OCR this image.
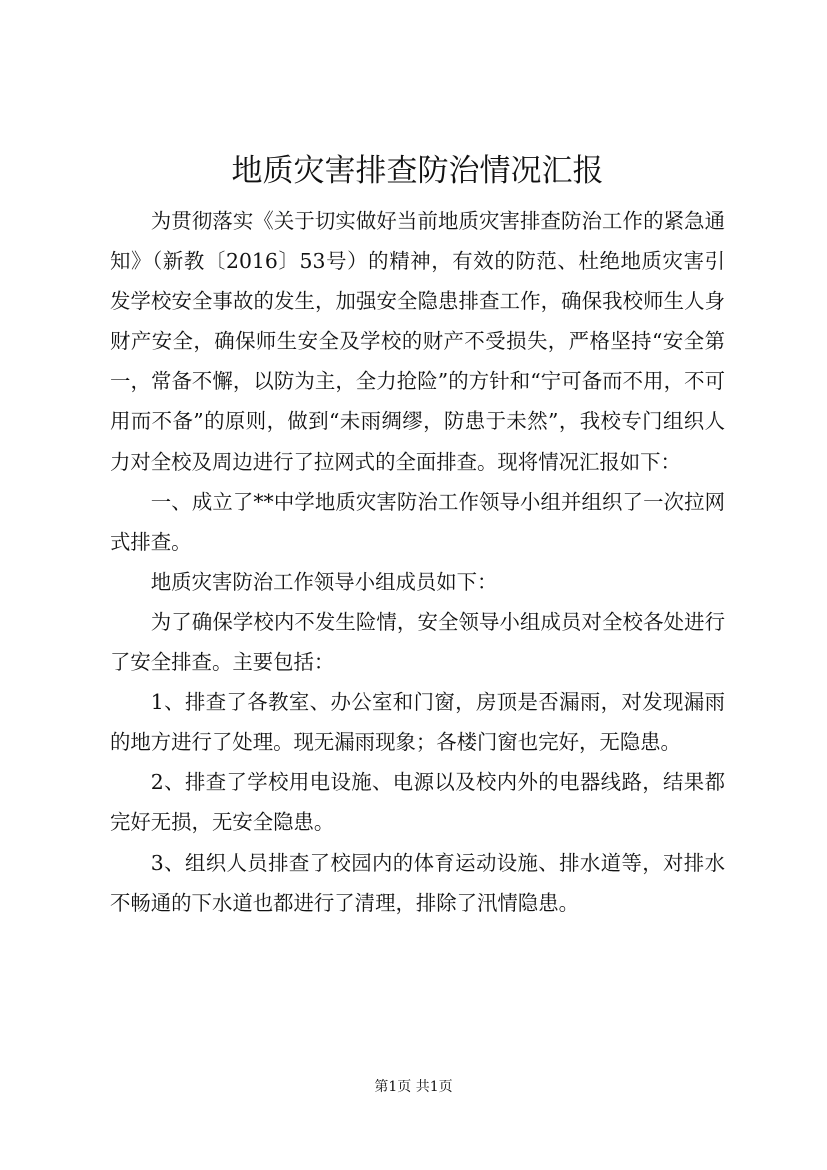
地质灾害排查防治情况汇报

为贯彻落实《关于切实做好当前地质灾害排查防治工作的紧急通知》（新教〔2016〕53号）的精神，有效的防范、杜绝地质灾害引发学校安全事故的发生，加强安全隐患排查工作，确保我校师生人身财产安全，确保师生安全及学校的财产不受损失，严格坚持“安全第一，常备不懈，以防为主，全力抢险”的方针和“宁可备而不用，不可用而不备”的原则，做到“未雨绸缪，防患于未然”，我校专门组织人力对全校及周边进行了拉网式的全面排查。现将情况汇报如下：

一、成立了**中学地质灾害防治工作领导小组并组织了一次拉网式排查。

地质灾害防治工作领导小组成员如下：

为了确保学校内不发生险情，安全领导小组成员对全校各处进行了安全排查。主要包括：

1、排查了各教室、办公室和门窗，房顶是否漏雨，对发现漏雨的地方进行了处理。现无漏雨现象；各楼门窗也完好，无隐患。

2、排查了学校用电设施、电源以及校内外的电器线路，结果都完好无损，无安全隐患。

3、组织人员排查了校园内的体育运动设施、排水道等，对排水不畅通的下水道也都进行了清理，排除了汛情隐患。

第1页 共1页
